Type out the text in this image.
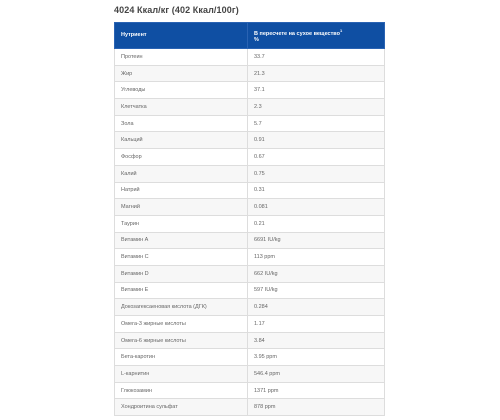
4024 Ккал/кг (402 Ккал/100г)
Нутриент	В пересчете на сухое вещество$^1$
%
Протеин	33.7
Жир	21.3
Углеводы	37.1
Клетчатка	2.3
Зола	5.7
Кальций	0.91
Фосфор	0.67
Калий	0.75
Натрий	0.31
Магний	0.081
Таурин	0.21
Витамин А	6691 IU/kg
Витамин С	113 ppm
Витамин D	662 IU/kg
Витамин Е	597 IU/kg
Докозагексаеновая кислота (ДГК)	0.284
Омега-3 жирные кислоты	1.17
Омега-6 жирные кислоты	3.84
Бета-каротин	3.95 ppm
L-карнитин	546.4 ppm
Глюкозамин	1371 ppm
Хондроитина сульфат	878 ppm
